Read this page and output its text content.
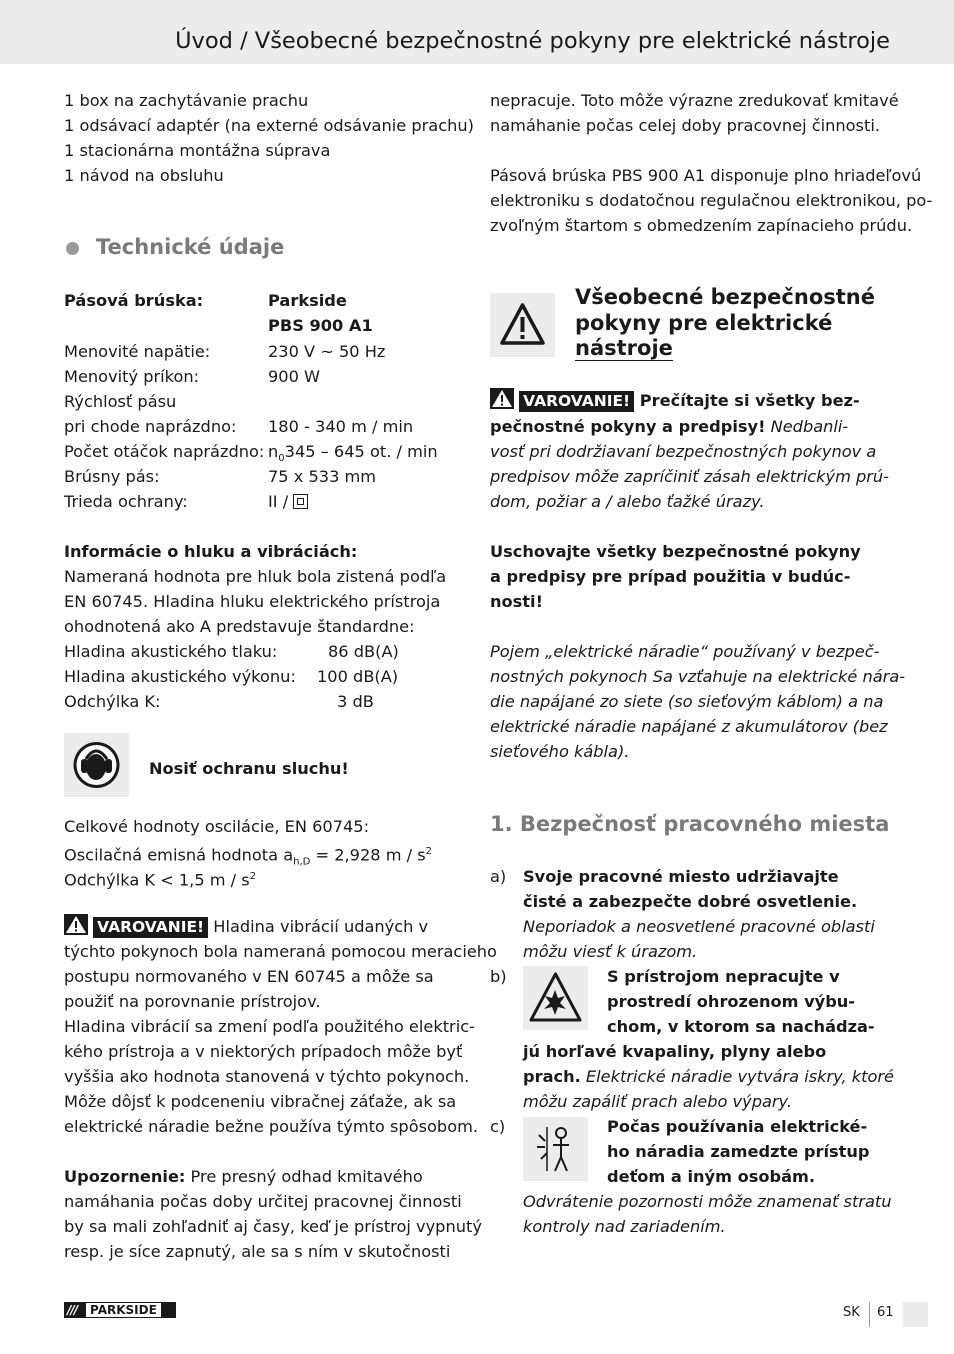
Úvod / Všeobecné bezpečnostné pokyny pre elektrické nástroje
1 box na zachytávanie prachu
1 odsávací adaptér (na externé odsávanie prachu)
1 stacionárna montážna súprava
1 návod na obsluhu
Technické údaje
Pásová brúska:	Parkside
PBS 900 A1
Menovité napätie:	230 V ~ 50 Hz
Menovitý príkon:	900 W
Rýchlosť pásu
pri chode naprázdno: 180 - 340 m / min
Počet otáčok naprázdno: $n_0345 - 645$ ot. / min
Brúsny pás:	75 x 533 mm
Trieda ochrany:	II /
Informácie o hluku a vibráciách:
Nameraná hodnota pre hluk bola zistená podľa
EN 60745. Hladina hluku elektrického prístroja
ohodnotená ako A predstavuje štandardne:
Hladina akustického tlaku:	86 dB(A)
Hladina akustického výkonu: 100 dB(A)
Odchýlka K:	3 dB
Nosiť ochranu sluchu!
Celkové hodnoty oscilácie, EN 60745:
Oscilačná emisná hodnota $a_{h,D} = 2,928$ m / $s^2$
Odchýlka K < 1,5 m / $s^2$
VAROVANIE! Hladina vibrácií udaných v
týchto pokynoch bola nameraná pomocou meracieho
postupu normovaného v EN 60745 a môže sa
použiť na porovnanie prístrojov.
Hladina vibrácií sa zmení podľa použitého elektric-
kého prístroja a v niektorých prípadoch môže byť
vyššia ako hodnota stanovená v týchto pokynoch.
Môže dôjsť k podceneniu vibračnej záťaže, ak sa
elektrické náradie bežne používa týmto spôsobom.
Upozornenie: Pre presný odhad kmitavého
namáhania počas doby určitej pracovnej činnosti
by sa mali zohľadniť aj časy, keď je prístroj vypnutý
resp. je síce zapnutý, ale sa s ním v skutočnosti
nepracuje. Toto môže výrazne zredukovať kmitavé
namáhanie počas celej doby pracovnej činnosti.
Pásová brúska PBS 900 A1 disponuje plno hriadeľovú
elektroniku s dodatočnou regulačnou elektronikou, po-
zvoľným štartom s obmedzením zapínacieho prúdu.
Všeobecné bezpečnostné
pokyny pre elektrické
nástroje
VAROVANIE! Prečítajte si všetky bez-
pečnostné pokyny a predpisy! Nedbanli-
vosť pri dodržiavaní bezpečnostných pokynov a
predpisov môže zapríčiniť zásah elektrickým prú-
dom, požiar a / alebo ťažké úrazy.
Uschovajte všetky bezpečnostné pokyny
a predpisy pre prípad použitia v budúc-
nosti!
Pojem „elektrické náradie“ používaný v bezpeč-
nostných pokynoch Sa vzťahuje na elektrické nára-
die napájané zo siete (so sieťovým káblom) a na
elektrické náradie napájané z akumulátorov (bez
sieťového kábla).
1. Bezpečnosť pracovného miesta
a) Svoje pracovné miesto udržiavajte
čisté a zabezpečte dobré osvetlenie.
Neporiadok a neosvetlené pracovné oblasti
môžu viesť k úrazom.
b)	S prístrojom nepracujte v
prostredí ohrozenom výbu-
chom, v ktorom sa nachádza-
jú horľavé kvapaliny, plyny alebo
prach. Elektrické náradie vytvára iskry, ktoré
môžu zapáliť prach alebo výpary.
c)	Počas používania elektrické-
ho náradia zamedzte prístup
deťom a iným osobám.
Odvrátenie pozornosti môže znamenať stratu
kontroly nad zariadením.
///	PARKSIDE	SK 61
